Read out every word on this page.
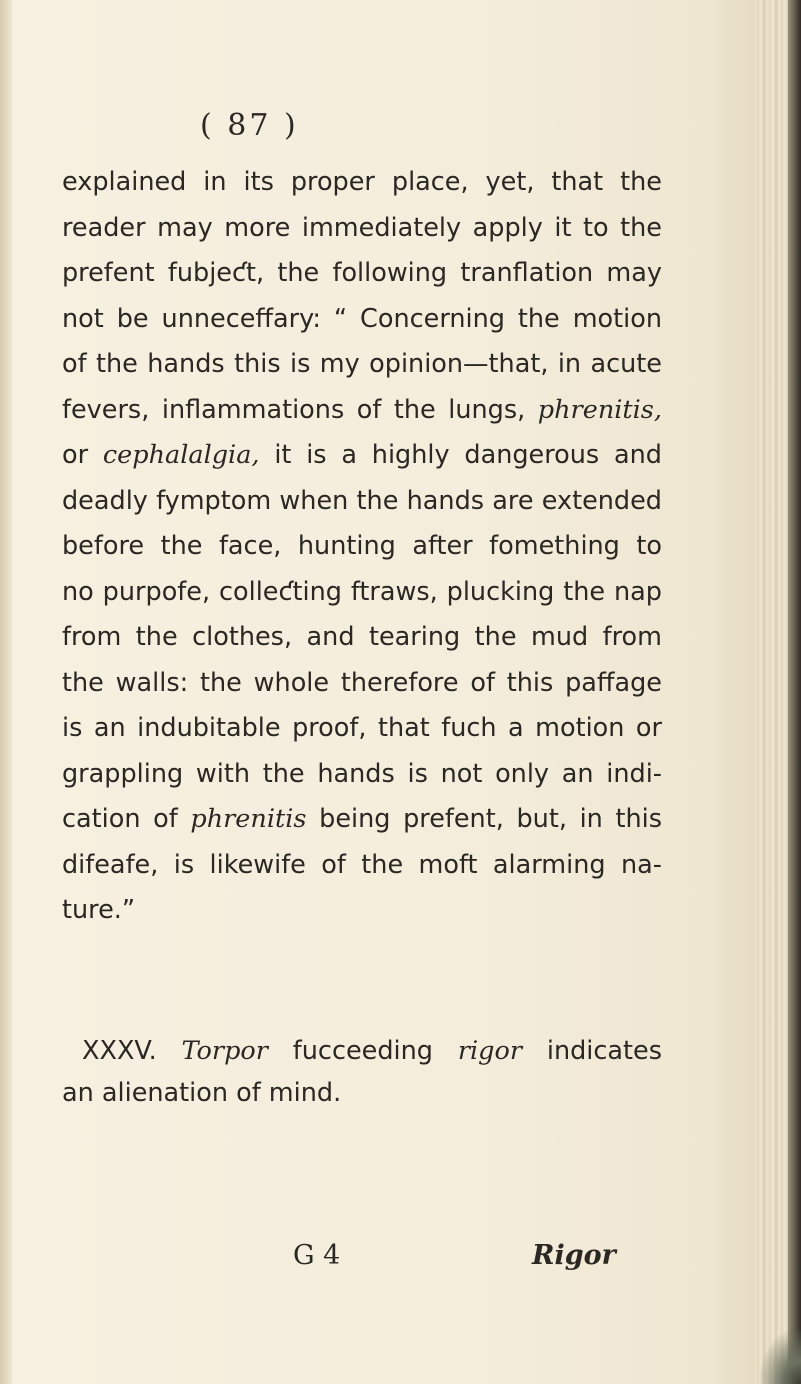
( 87 )
explained in its proper place, yet, that the
reader may more immediately apply it to the
prefent fubjeƈt, the following tranflation may
not be unneceffary: “ Concerning the motion
of the hands this is my opinion—that, in acute
fevers, inflammations of the lungs, phrenitis,
or cephalalgia, it is a highly dangerous and
deadly fymptom when the hands are extended
before the face, hunting after fomething to
no purpofe, colleƈting ftraws, plucking the nap
from the clothes, and tearing the mud from
the walls: the whole therefore of this paffage
is an indubitable proof, that fuch a motion or
grappling with the hands is not only an indi-
cation of phrenitis being prefent, but, in this
difeafe, is likewife of the moft alarming na-
ture.”
XXXV. Torpor fucceeding rigor indicates
an alienation of mind.
G 4	Rigor
